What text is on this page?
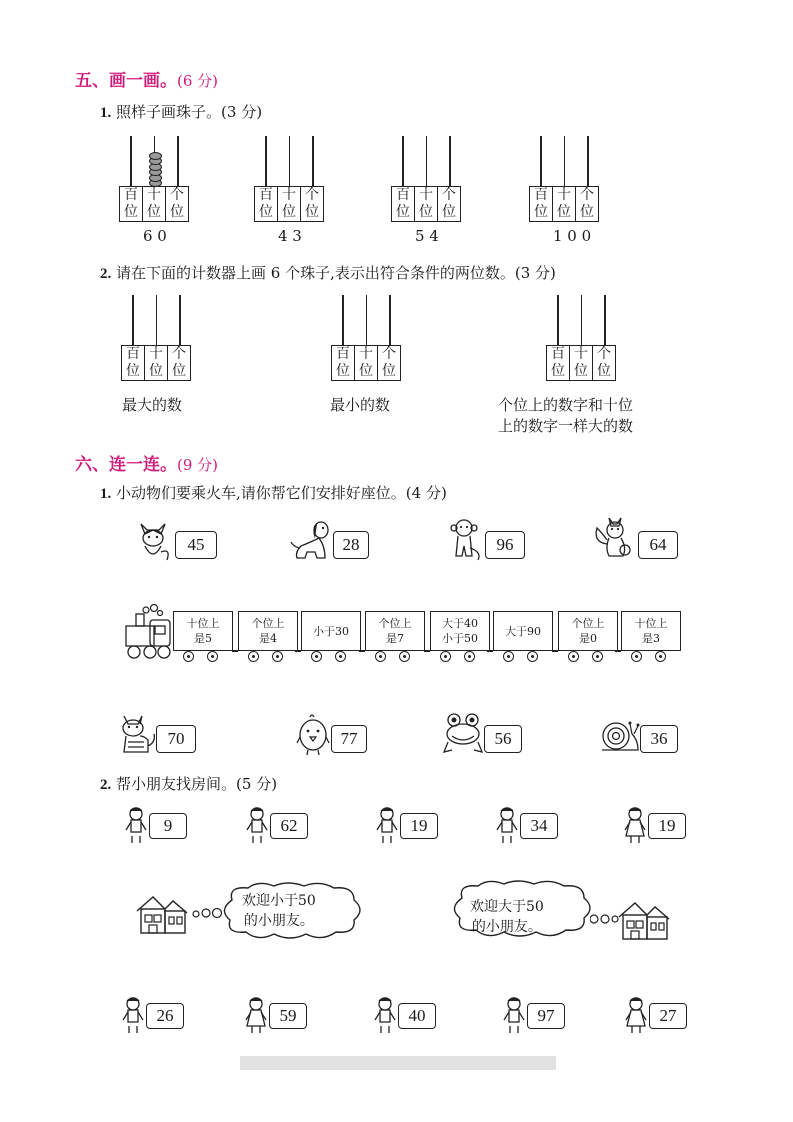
五、画一画。(6 分)
1. 照样子画珠子。(3 分)
百
位
十
位
个
位
6 0
百
位
十
位
个
位
4 3
百
位
十
位
个
位
5 4
百
位
十
位
个
位
1 0 0
2. 请在下面的计数器上画 6 个珠子,表示出符合条件的两位数。(3 分)
百
位
十
位
个
位
百
位
十
位
个
位
百
位
十
位
个
位
最大的数	最小的数	个位上的数字和十位
上的数字一样大的数
六、连一连。(9 分)
1. 小动物们要乘火车,请你帮它们安排好座位。(4 分)
45	28	96	64
十位上
是5
个位上
是4
小于30
个位上
是7
大于40
小于50
大于90
个位上
是0
十位上
是3
70	77	56	36
2. 帮小朋友找房间。(5 分)
9	62	19	34	19
欢迎小于50
的小朋友。
欢迎大于50
的小朋友。
26	59	40	97	27
